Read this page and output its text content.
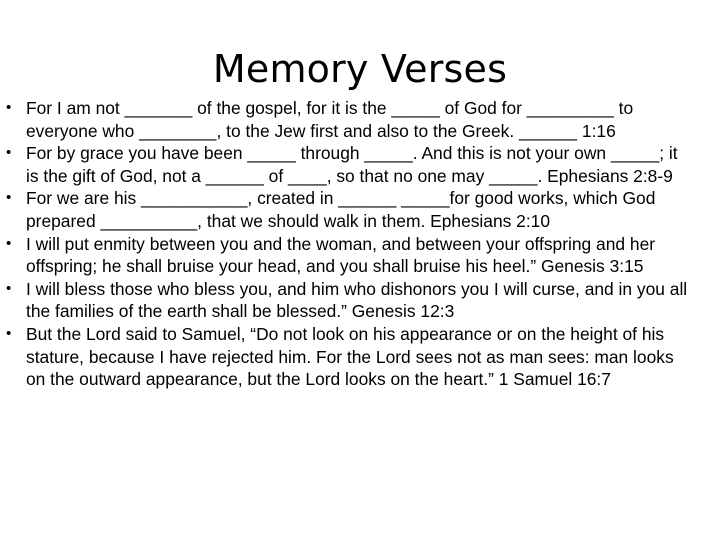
Memory Verses
• For I am not _______ of the gospel, for it is the _____ of God for _________ to everyone who ________, to the Jew first and also to the Greek. ______ 1:16
• For by grace you have been _____ through _____. And this is not your own _____; it is the gift of God, not a ______ of ____, so that no one may _____. Ephesians 2:8-9
• For we are his ___________, created in ______ _____for good works, which God prepared __________, that we should walk in them. Ephesians 2:10
• I will put enmity between you and the woman, and between your offspring and her offspring; he shall bruise your head, and you shall bruise his heel.” Genesis 3:15
• I will bless those who bless you, and him who dishonors you I will curse, and in you all the families of the earth shall be blessed.” Genesis 12:3
• But the Lord said to Samuel, “Do not look on his appearance or on the height of his stature, because I have rejected him. For the Lord sees not as man sees: man looks on the outward appearance, but the Lord looks on the heart.” 1 Samuel 16:7
